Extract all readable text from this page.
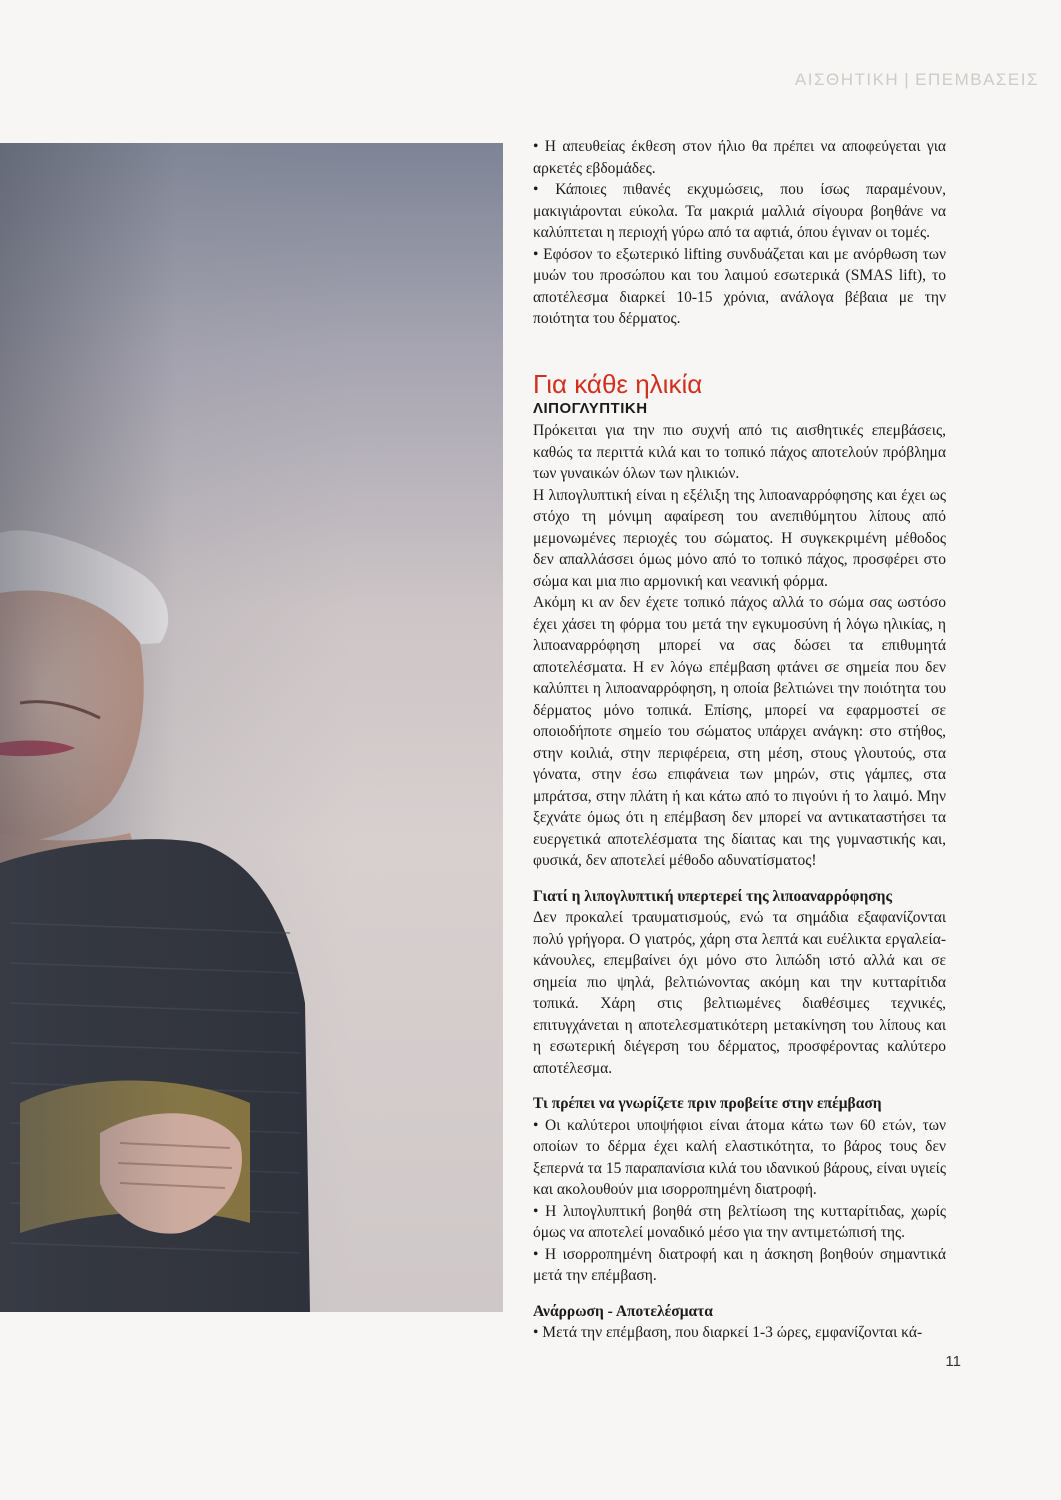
ΑΙΣΘΗΤΙΚΗ | ΕΠΕΜΒΑΣΕΙΣ

• Η απευθείας έκθεση στον ήλιο θα πρέπει να αποφεύγεται για αρκετές εβδομάδες.

• Κάποιες πιθανές εκχυμώσεις, που ίσως παραμένουν, μακιγιάρονται εύκολα. Τα μακριά μαλλιά σίγουρα βοηθάνε να καλύπτεται η περιοχή γύρω από τα αφτιά, όπου έγιναν οι τομές.

• Εφόσον το εξωτερικό lifting συνδυάζεται και με ανόρθωση των μυών του προσώπου και του λαιμού εσωτερικά (SMAS lift), το αποτέλεσμα διαρκεί 10-15 χρόνια, ανάλογα βέβαια με την ποιότητα του δέρματος.

Για κάθε ηλικία
ΛΙΠΟΓΛΥΠΤΙΚΗ

Πρόκειται για την πιο συχνή από τις αισθητικές επεμβάσεις, καθώς τα περιττά κιλά και το τοπικό πάχος αποτελούν πρόβλημα των γυναικών όλων των ηλικιών.

Η λιπογλυπτική είναι η εξέλιξη της λιποαναρρόφησης και έχει ως στόχο τη μόνιμη αφαίρεση του ανεπιθύμητου λίπους από μεμονωμένες περιοχές του σώματος. Η συγκεκριμένη μέθοδος δεν απαλλάσσει όμως μόνο από το τοπικό πάχος, προσφέρει στο σώμα και μια πιο αρμονική και νεανική φόρμα.

Ακόμη κι αν δεν έχετε τοπικό πάχος αλλά το σώμα σας ωστόσο έχει χάσει τη φόρμα του μετά την εγκυμοσύνη ή λόγω ηλικίας, η λιποαναρρόφηση μπορεί να σας δώσει τα επιθυμητά αποτελέσματα. Η εν λόγω επέμβαση φτάνει σε σημεία που δεν καλύπτει η λιποαναρρόφηση, η οποία βελτιώνει την ποιότητα του δέρματος μόνο τοπικά. Επίσης, μπορεί να εφαρμοστεί σε οποιοδήποτε σημείο του σώματος υπάρχει ανάγκη: στο στήθος, στην κοιλιά, στην περιφέρεια, στη μέση, στους γλουτούς, στα γόνατα, στην έσω επιφάνεια των μηρών, στις γάμπες, στα μπράτσα, στην πλάτη ή και κάτω από το πιγούνι ή το λαιμό. Μην ξεχνάτε όμως ότι η επέμβαση δεν μπορεί να αντικαταστήσει τα ευεργετικά αποτελέσματα της δίαιτας και της γυμναστικής και, φυσικά, δεν αποτελεί μέθοδο αδυνατίσματος!

Γιατί η λιπογλυπτική υπερτερεί της λιποαναρρόφησης

Δεν προκαλεί τραυματισμούς, ενώ τα σημάδια εξαφανίζονται πολύ γρήγορα. Ο γιατρός, χάρη στα λεπτά και ευέλικτα εργαλεία-κάνουλες, επεμβαίνει όχι μόνο στο λιπώδη ιστό αλλά και σε σημεία πιο ψηλά, βελτιώνοντας ακόμη και την κυτταρίτιδα τοπικά. Χάρη στις βελτιωμένες διαθέσιμες τεχνικές, επιτυγχάνεται η αποτελεσματικότερη μετακίνηση του λίπους και η εσωτερική διέγερση του δέρματος, προσφέροντας καλύτερο αποτέλεσμα.

Τι πρέπει να γνωρίζετε πριν προβείτε στην επέμβαση

• Οι καλύτεροι υποψήφιοι είναι άτομα κάτω των 60 ετών, των οποίων το δέρμα έχει καλή ελαστικότητα, το βάρος τους δεν ξεπερνά τα 15 παραπανίσια κιλά του ιδανικού βάρους, είναι υγιείς και ακολουθούν μια ισορροπημένη διατροφή.

• Η λιπογλυπτική βοηθά στη βελτίωση της κυτταρίτιδας, χωρίς όμως να αποτελεί μοναδικό μέσο για την αντιμετώπισή της.

• Η ισορροπημένη διατροφή και η άσκηση βοηθούν σημαντικά μετά την επέμβαση.

Ανάρρωση - Αποτελέσματα

• Μετά την επέμβαση, που διαρκεί 1-3 ώρες, εμφανίζονται κά-

11
